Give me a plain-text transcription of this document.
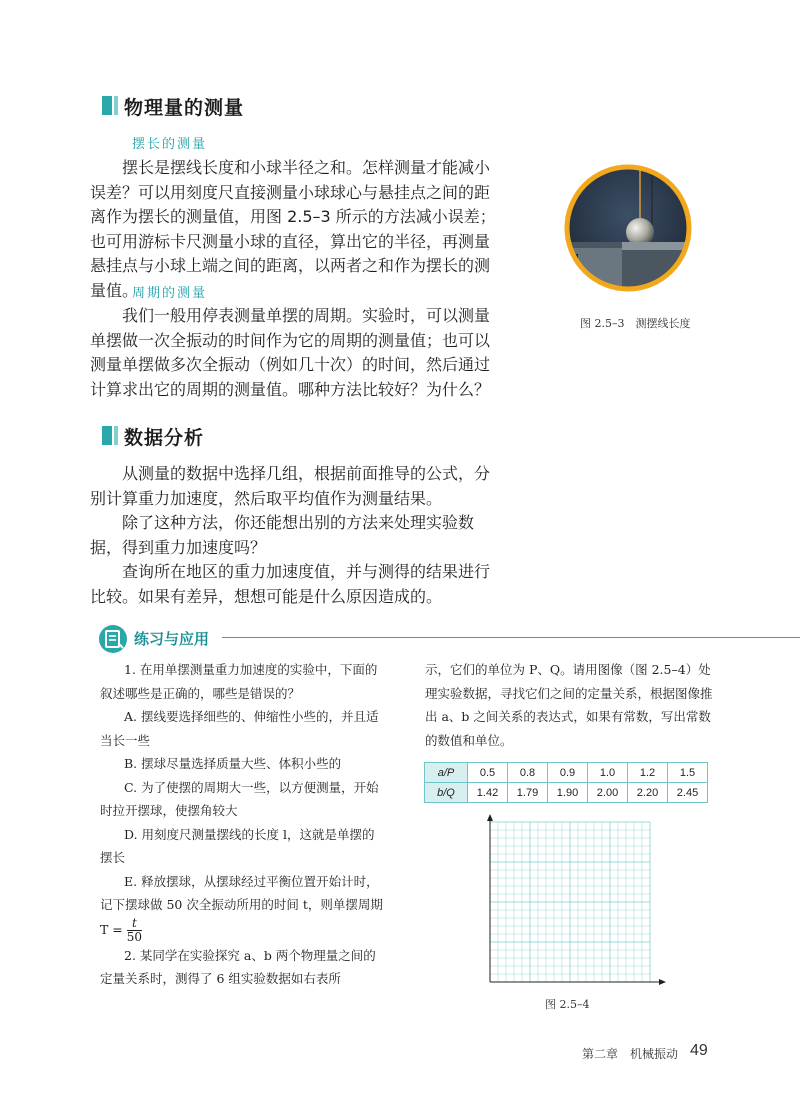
物理量的测量
摆长的测量

摆长是摆线长度和小球半径之和。怎样测量才能减小误差？可以用刻度尺直接测量小球球心与悬挂点之间的距离作为摆长的测量值，用图 2.5–3 所示的方法减小误差；也可用游标卡尺测量小球的直径，算出它的半径，再测量悬挂点与小球上端之间的距离，以两者之和作为摆长的测量值。

周期的测量

我们一般用停表测量单摆的周期。实验时，可以测量单摆做一次全振动的时间作为它的周期的测量值；也可以测量单摆做多次全振动（例如几十次）的时间，然后通过计算求出它的周期的测量值。哪种方法比较好？为什么？

图 2.5–3　测摆线长度
数据分析

从测量的数据中选择几组，根据前面推导的公式，分别计算重力加速度，然后取平均值作为测量结果。

除了这种方法，你还能想出别的方法来处理实验数据，得到重力加速度吗？

查询所在地区的重力加速度值，并与测得的结果进行比较。如果有差异，想想可能是什么原因造成的。

练习与应用

1. 在用单摆测量重力加速度的实验中，下面的叙述哪些是正确的，哪些是错误的？

A. 摆线要选择细些的、伸缩性小些的，并且适当长一些

B. 摆球尽量选择质量大些、体积小些的

C. 为了使摆的周期大一些，以方便测量，开始时拉开摆球，使摆角较大

D. 用刻度尺测量摆线的长度 l，这就是单摆的摆长

E. 释放摆球，从摆球经过平衡位置开始计时，记下摆球做 50 次全振动所用的时间 t，则单摆周期 $T = \frac{t}{50}$

2. 某同学在实验探究 a、b 两个物理量之间的定量关系时，测得了 6 组实验数据如右表所

示，它们的单位为 P、Q。请用图像（图 2.5–4）处理实验数据，寻找它们之间的定量关系，根据图像推出 a、b 之间关系的表达式，如果有常数，写出常数的数值和单位。

a/P	0.5	0.8	0.9	1.0	1.2	1.5
b/Q	1.42	1.79	1.90	2.00	2.20	2.45
图 2.5–4
第二章　机械振动 49
